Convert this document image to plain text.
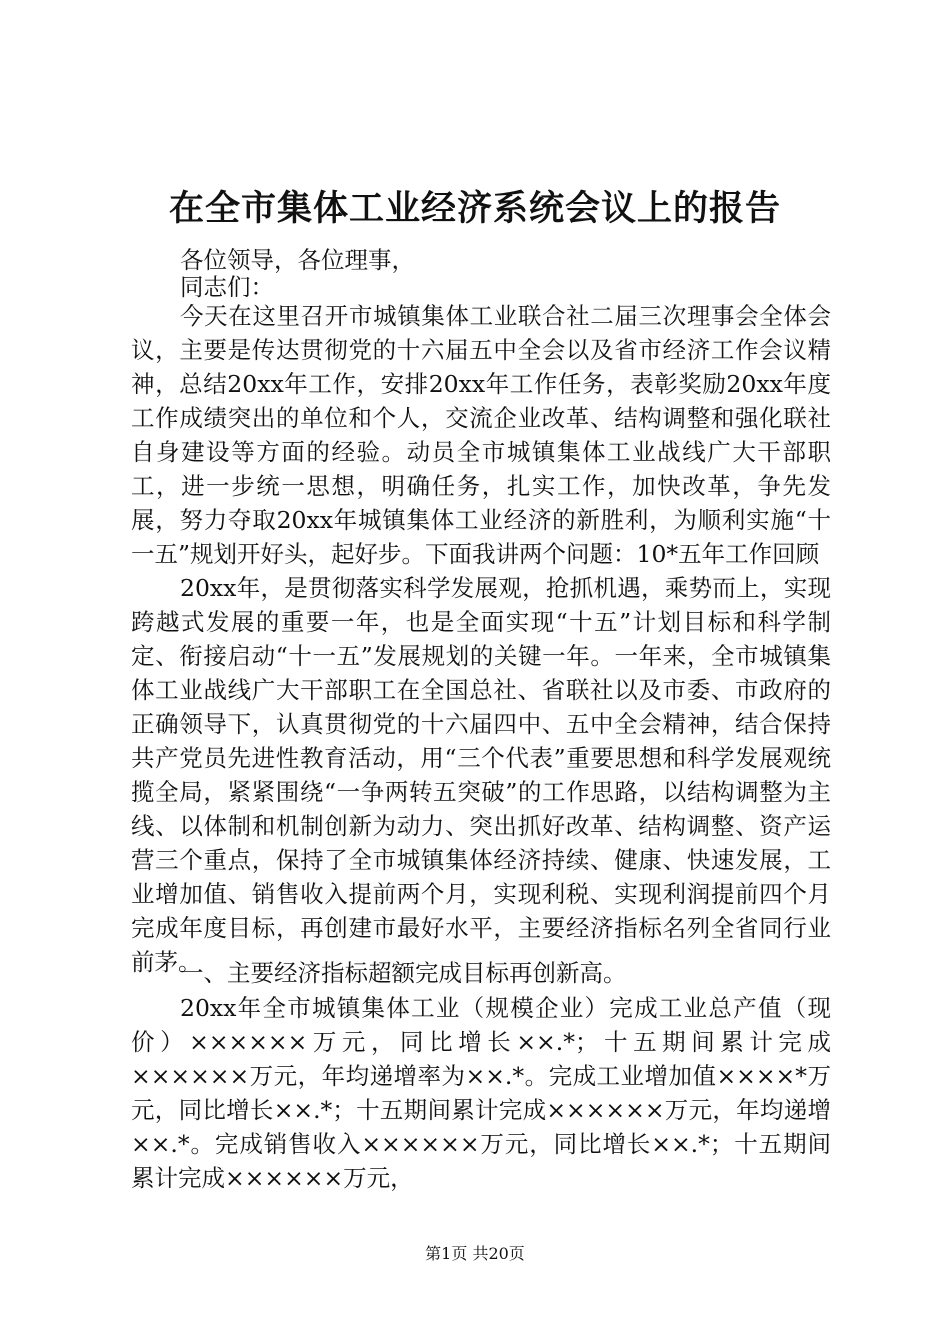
在全市集体工业经济系统会议上的报告

各位领导，各位理事，

同志们：

今天在这里召开市城镇集体工业联合社二届三次理事会全体会议，主要是传达贯彻党的十六届五中全会以及省市经济工作会议精神，总结20xx年工作，安排20xx年工作任务，表彰奖励20xx年度工作成绩突出的单位和个人，交流企业改革、结构调整和强化联社自身建设等方面的经验。动员全市城镇集体工业战线广大干部职工，进一步统一思想，明确任务，扎实工作，加快改革，争先发展，努力夺取20xx年城镇集体工业经济的新胜利，为顺利实施“十一五”规划开好头，起好步。下面我讲两个问题：10*五年工作回顾

20xx年，是贯彻落实科学发展观，抢抓机遇，乘势而上，实现跨越式发展的重要一年，也是全面实现“十五”计划目标和科学制定、衔接启动“十一五”发展规划的关键一年。一年来，全市城镇集体工业战线广大干部职工在全国总社、省联社以及市委、市政府的正确领导下，认真贯彻党的十六届四中、五中全会精神，结合保持共产党员先进性教育活动，用“三个代表”重要思想和科学发展观统揽全局，紧紧围绕“一争两转五突破”的工作思路，以结构调整为主线、以体制和机制创新为动力、突出抓好改革、结构调整、资产运营三个重点，保持了全市城镇集体经济持续、健康、快速发展，工业增加值、销售收入提前两个月，实现利税、实现利润提前四个月完成年度目标，再创建市最好水平，主要经济指标名列全省同行业前茅。

一、主要经济指标超额完成目标再创新高。

20xx年全市城镇集体工业（规模企业）完成工业总产值（现价）××××××万元，同比增长××.*；十五期间累计完成××××××万元，年均递增率为××.*。完成工业增加值××××*万元，同比增长××.*；十五期间累计完成××××××万元，年均递增××.*。完成销售收入××××××万元，同比增长××.*；十五期间累计完成××××××万元，

第1页 共20页
